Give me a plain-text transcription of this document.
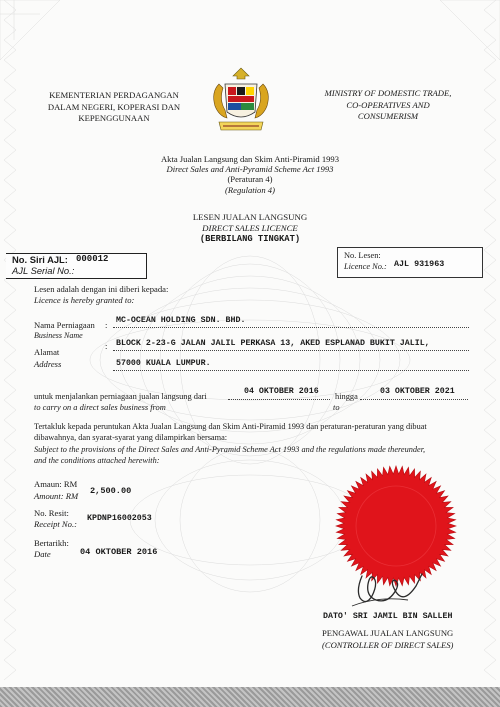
KEMENTERIAN PERDAGANGAN
DALAM NEGERI, KOPERASI DAN
KEPENGGUNAAN
MINISTRY OF DOMESTIC TRADE,
CO-OPERATIVES AND
CONSUMERISM
Akta Jualan Langsung dan Skim Anti-Piramid 1993
Direct Sales and Anti-Pyramid Scheme Act 1993
(Peraturan 4)
(Regulation 4)
LESEN JUALAN LANGSUNG
DIRECT SALES LICENCE
(BERBILANG TINGKAT)
No. Siri AJL:
AJL Serial No.:
000012	No. Lesen:
Licence No.: AJL 931963
Lesen adalah dengan ini diberi kepada:
Licence is hereby granted to:
Nama Perniagaan
Business Name
: MC-OCEAN HOLDING SDN. BHD.
Alamat
Address
: BLOCK 2-23-G JALAN JALIL PERKASA 13, AKED ESPLANAD BUKIT JALIL,
57000 KUALA LUMPUR.
untuk menjalankan perniagaan jualan langsung dari
to carry on a direct sales business from
04 OKTOBER 2016
hingga
to
03 OKTOBER 2021
Tertakluk kepada peruntukan Akta Jualan Langsung dan Skim Anti-Piramid 1993 dan peraturan-peraturan yang dibuat
dibawahnya, dan syarat-syarat yang dilampirkan bersama:
Subject to the provisions of the Direct Sales and Anti-Pyramid Scheme Act 1993 and the regulations made thereunder,
and the conditions attached herewith:
Amaun: RM
Amount: RM 2,500.00
No. Resit:
Receipt No.:
KPDNP16002053
Bertarikh:
Date	04 OKTOBER 2016
DATO' SRI JAMIL BIN SALLEH
PENGAWAL JUALAN LANGSUNG
(CONTROLLER OF DIRECT SALES)
